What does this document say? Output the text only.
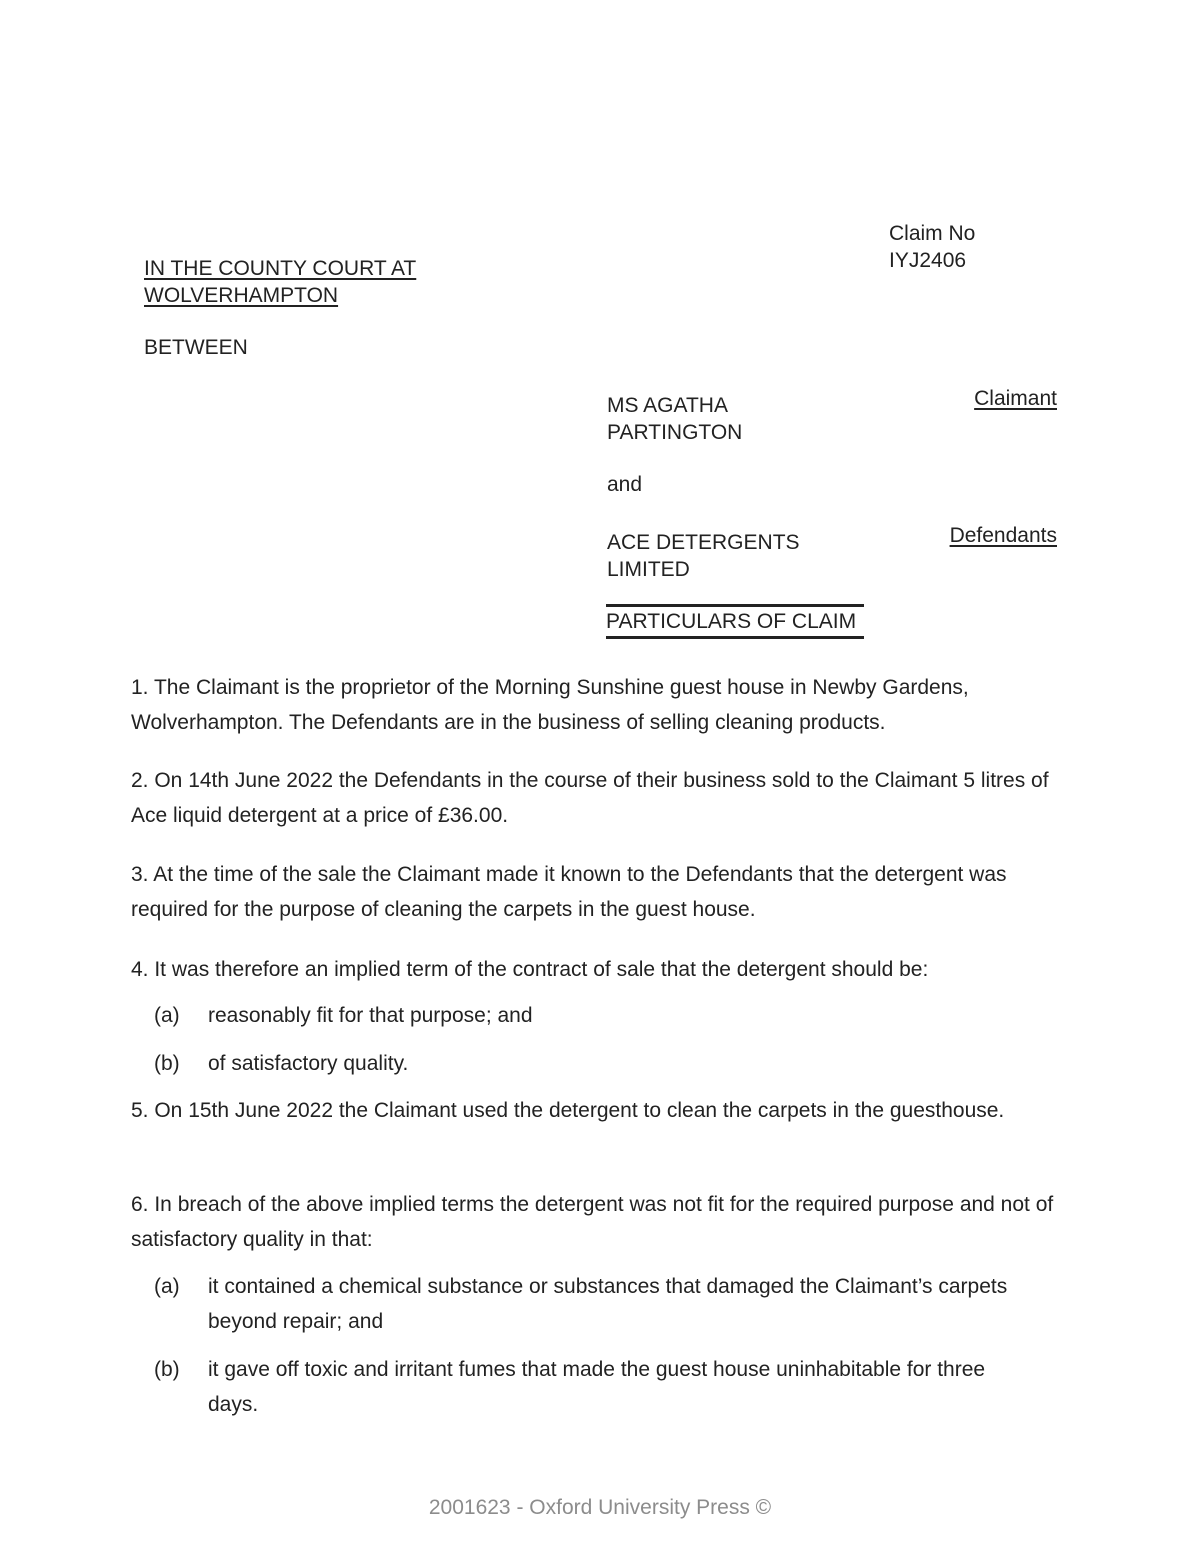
Claim No
IYJ2406
IN THE COUNTY COURT AT
WOLVERHAMPTON
BETWEEN
MS AGATHA
PARTINGTON
Claimant
and
ACE DETERGENTS
LIMITED
Defendants
PARTICULARS OF CLAIM
1. The Claimant is the proprietor of the Morning Sunshine guest house in Newby Gardens, Wolverhampton. The Defendants are in the business of selling cleaning products.
2. On 14th June 2022 the Defendants in the course of their business sold to the Claimant 5 litres of Ace liquid detergent at a price of £36.00.
3. At the time of the sale the Claimant made it known to the Defendants that the detergent was required for the purpose of cleaning the carpets in the guest house.
4. It was therefore an implied term of the contract of sale that the detergent should be:
(a) reasonably fit for that purpose; and
(b) of satisfactory quality.
5. On 15th June 2022 the Claimant used the detergent to clean the carpets in the guesthouse.
6. In breach of the above implied terms the detergent was not fit for the required purpose and not of satisfactory quality in that:
(a) it contained a chemical substance or substances that damaged the Claimant’s carpets beyond repair; and
(b) it gave off toxic and irritant fumes that made the guest house uninhabitable for three days.
2001623 - Oxford University Press ©
